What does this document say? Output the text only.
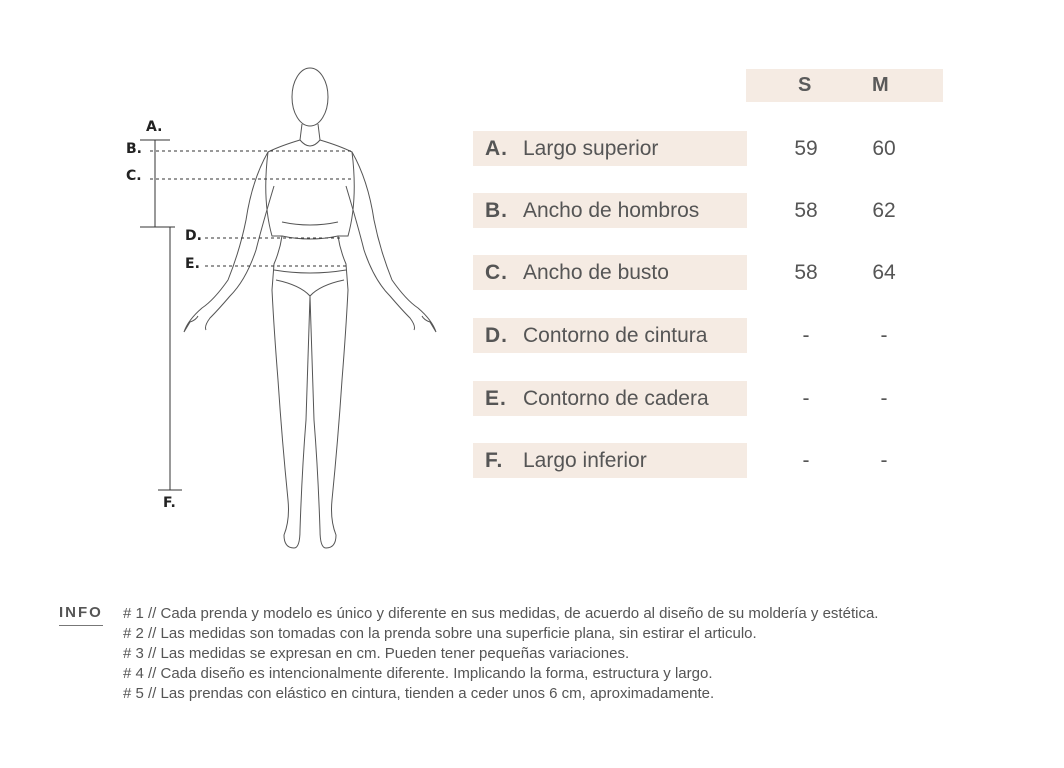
A.
B.
C.
D.
E.
F.
S	M
A. Largo superior	59	60
B. Ancho de hombros	58	62
C. Ancho de busto	58	64
D. Contorno de cintura	-	-
E. Contorno de cadera	-	-
F. Largo inferior	-	-
INFO # 1 // Cada prenda y modelo es único y diferente en sus medidas, de acuerdo al diseño de su moldería y estética.
# 2 // Las medidas son tomadas con la prenda sobre una superficie plana, sin estirar el articulo.
# 3 // Las medidas se expresan en cm. Pueden tener pequeñas variaciones.
# 4 // Cada diseño es intencionalmente diferente. Implicando la forma, estructura y largo.
# 5 // Las prendas con elástico en cintura, tienden a ceder unos 6 cm, aproximadamente.
